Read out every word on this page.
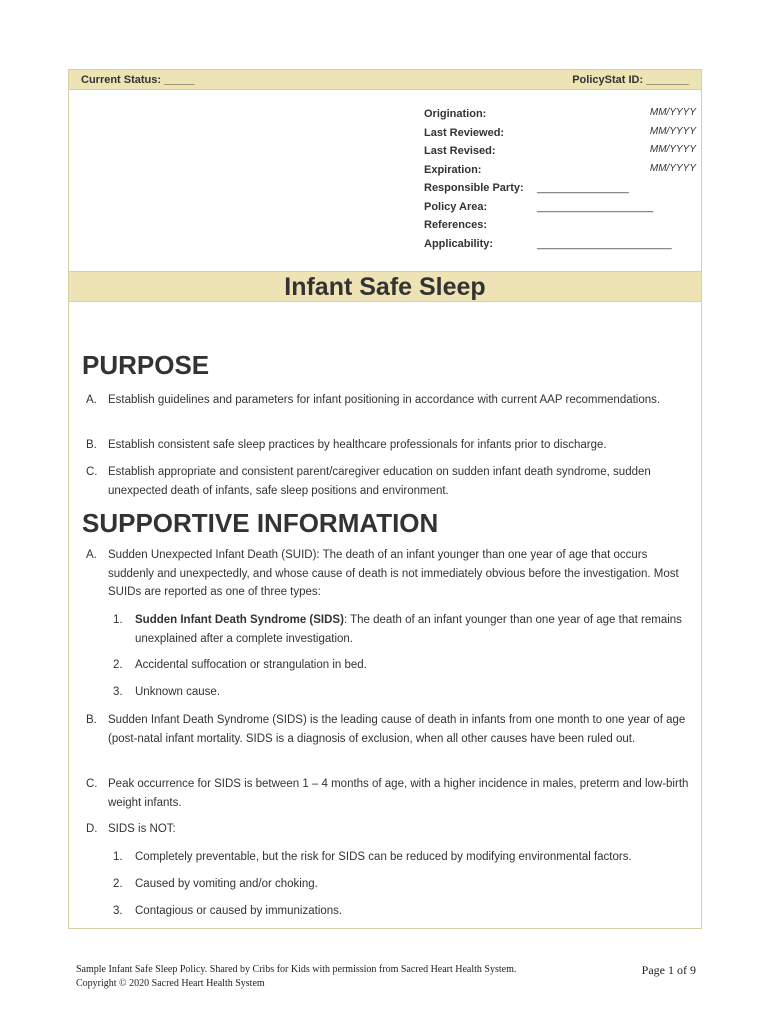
Current Status: _____	PolicyStat ID: _______
Origination:	MM/YYYY
Last Reviewed:	MM/YYYY
Last Revised:	MM/YYYY
Expiration:	MM/YYYY
Responsible Party: _______________
Policy Area:	___________________
References:
Applicability:	______________________
Infant Safe Sleep
PURPOSE
A. Establish guidelines and parameters for infant positioning in accordance with current AAP recommendations.
B. Establish consistent safe sleep practices by healthcare professionals for infants prior to discharge.
C. Establish appropriate and consistent parent/caregiver education on sudden infant death syndrome, sudden unexpected death of infants, safe sleep positions and environment.
SUPPORTIVE INFORMATION
A. Sudden Unexpected Infant Death (SUID): The death of an infant younger than one year of age that occurs suddenly and unexpectedly, and whose cause of death is not immediately obvious before the investigation. Most SUIDs are reported as one of three types:
1. Sudden Infant Death Syndrome (SIDS): The death of an infant younger than one year of age that remains unexplained after a complete investigation.
2. Accidental suffocation or strangulation in bed.
3. Unknown cause.
B. Sudden Infant Death Syndrome (SIDS) is the leading cause of death in infants from one month to one year of age (post-natal infant mortality. SIDS is a diagnosis of exclusion, when all other causes have been ruled out.
C. Peak occurrence for SIDS is between 1 – 4 months of age, with a higher incidence in males, preterm and low-birth weight infants.
D. SIDS is NOT:
1. Completely preventable, but the risk for SIDS can be reduced by modifying environmental factors.
2. Caused by vomiting and/or choking.
3. Contagious or caused by immunizations.
Sample Infant Safe Sleep Policy. Shared by Cribs for Kids with permission from Sacred Heart Health System.
Copyright © 2020 Sacred Heart Health System
Page 1 of 9
